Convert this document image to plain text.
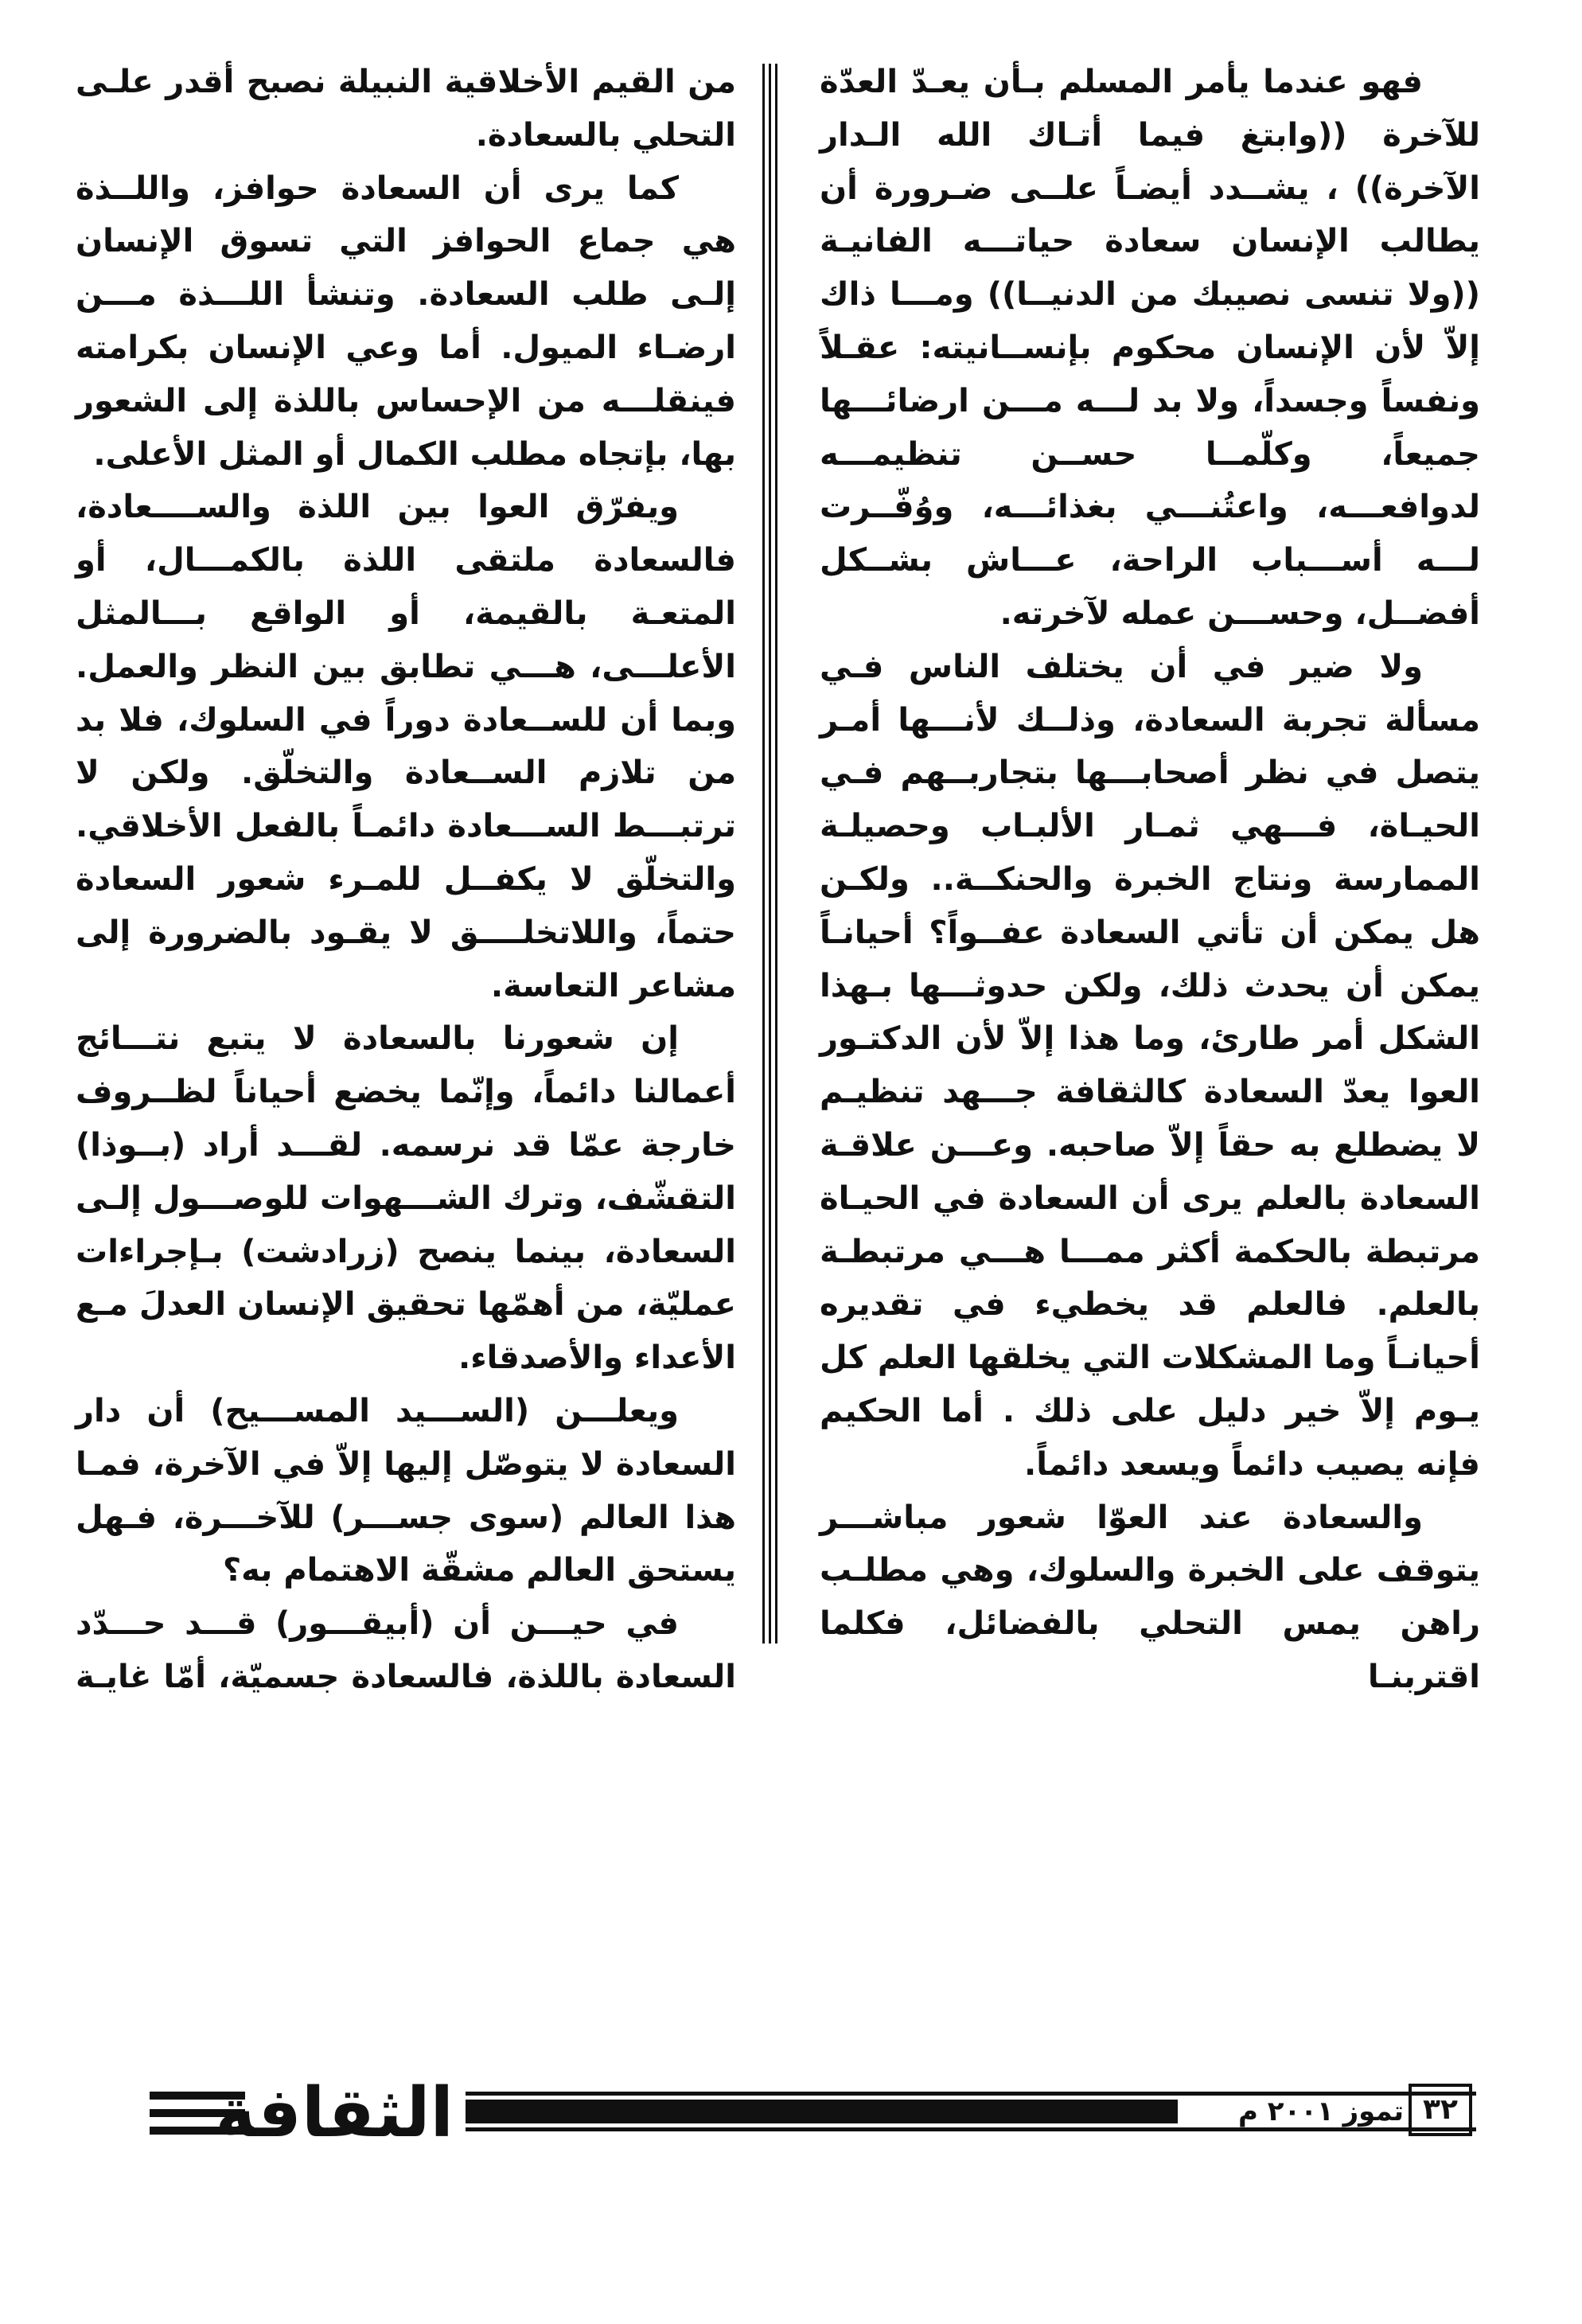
فهو عندما يأمر المسلم بـأن يعـدّ العدّة للآخرة ((وابتغ فيما أتـاك الله الـدار الآخرة)) ، يشــدد أيضـاً علــى ضـرورة أن يطالب الإنسان سعادة حياتـــه الفانيـة ((ولا تنسى نصيبك من الدنيــا)) ومـــا ذاك إلاّ لأن الإنسان محكوم بإنســانيته: عقـلاً ونفساً وجسداً، ولا بد لـــه مـــن ارضائـــها جميعاً، وكلّمــا حســن تنظيمـــه لدوافعـــه، واعتُنـــي بغذائـــه، ووُفّــرت لـــه أســـباب الراحة، عـــاش بشــكل أفضــل، وحســـن عمله لآخرته.

ولا ضير في أن يختلف الناس فـي مسألة تجربة السعادة، وذلــك لأنـــها أمـر يتصل في نظر أصحابـــها بتجاربــهم فـي الحيـاة، فـــهي ثمـار الألبـاب وحصيلـة الممارسة ونتاج الخبرة والحنكــة.. ولكـن هل يمكن أن تأتي السعادة عفــواً؟ أحيانـاً يمكن أن يحدث ذلك، ولكن حدوثـــها بـهذا الشكل أمر طارئ، وما هذا إلاّ لأن الدكتـور العوا يعدّ السعادة كالثقافة جـــهد تنظيـم لا يضطلع به حقاً إلاّ صاحبه. وعـــن علاقـة السعادة بالعلم يرى أن السعادة في الحيـاة مرتبطة بالحكمة أكثر ممـــا هـــي مرتبطـة بالعلم. فالعلم قد يخطيء في تقديره أحيانـاً وما المشكلات التي يخلقها العلم كل يـوم إلاّ خير دليل على ذلك . أما الحكيم فإنه يصيب دائماً ويسعد دائماً.

والسعادة عند العوّا شعور مباشـــر يتوقف على الخبرة والسلوك، وهي مطلـب راهن يمس التحلي بالفضائل، فكلما اقتربنـا

من القيم الأخلاقية النبيلة نصبح أقدر علـى التحلي بالسعادة.

كما يرى أن السعادة حوافز، واللــذة هي جماع الحوافز التي تسوق الإنسان إلـى طلب السعادة. وتنشأ اللـــذة مـــن ارضـاء الميول. أما وعي الإنسان بكرامته فينقلـــه من الإحساس باللذة إلى الشعور بها، بإتجاه مطلب الكمال أو المثل الأعلى.

ويفرّق العوا بين اللذة والســــعادة، فالسعادة ملتقى اللذة بالكمـــال، أو المتعـة بالقيمة، أو الواقع بـــالمثل الأعلـــى، هـــي تطابق بين النظر والعمل. وبما أن للســعادة دوراً في السلوك، فلا بد من تلازم الســعادة والتخلّق. ولكن لا ترتبـــط الســـعادة دائمـاً بالفعل الأخلاقي. والتخلّق لا يكفــل للمـرء شعور السعادة حتماً، واللاتخلــــق لا يقـود بالضرورة إلى مشاعر التعاسة.

إن شعورنا بالسعادة لا يتبع نتـــائج أعمالنا دائماً، وإنّما يخضع أحياناً لظــروف خارجة عمّا قد نرسمه. لقـــد أراد (بــوذا) التقشّف، وترك الشـــهوات للوصـــول إلـى السعادة، بينما ينصح (زرادشت) بـإجراءات عمليّة، من أهمّها تحقيق الإنسان العدلَ مـع الأعداء والأصدقاء.

ويعلـــن (الســـيد المســـيح) أن دار السعادة لا يتوصّل إليها إلاّ في الآخرة، فمـا هذا العالم (سوى جســـر) للآخـــرة، فـهل يستحق العالم مشقّة الاهتمام به؟

في حيـــن أن (أبيقـــور) قـــد حـــدّد السعادة باللذة، فالسعادة جسميّة، أمّا غايـة

الثقافة	تموز ٢٠٠١ م ٣٢
